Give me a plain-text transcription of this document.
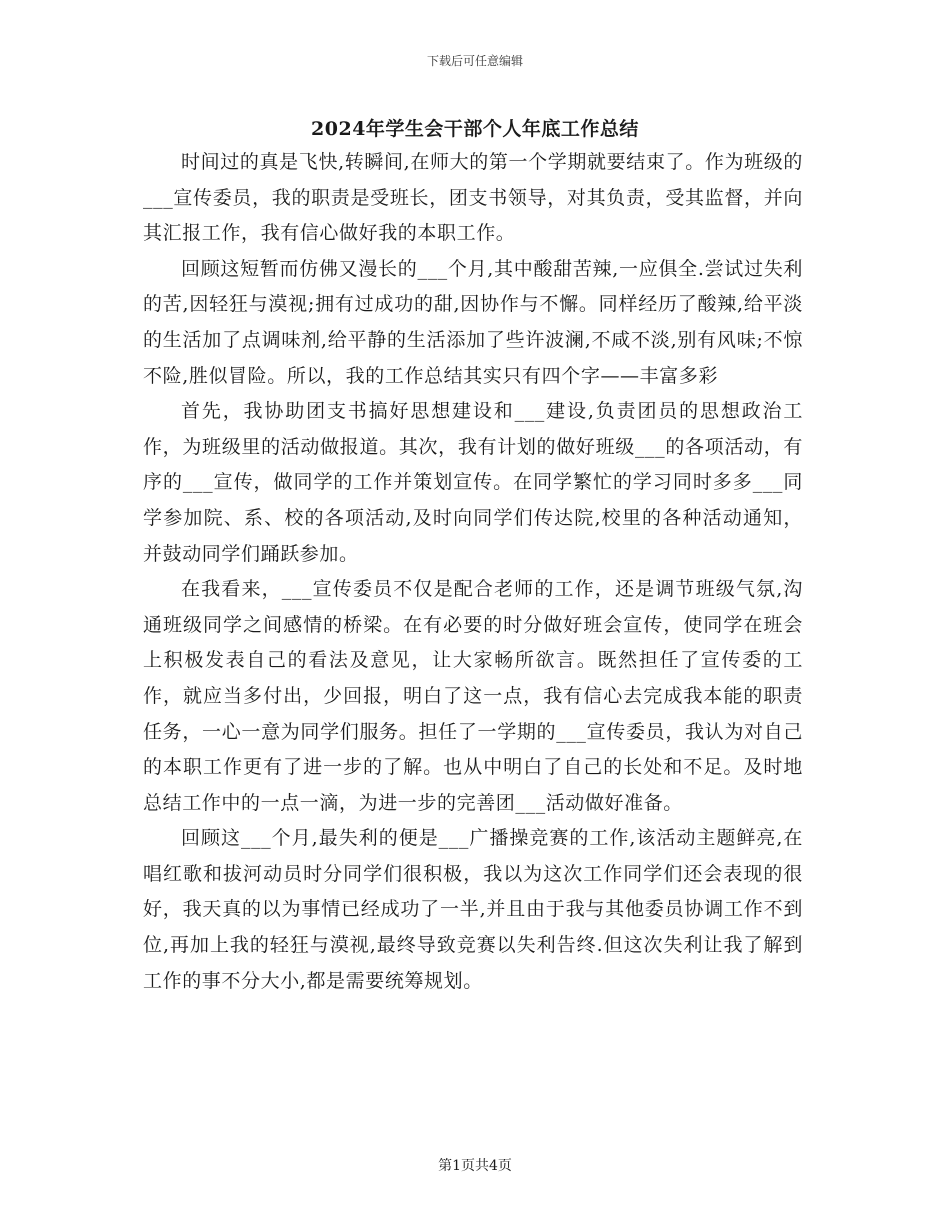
下载后可任意编辑
2024年学生会干部个人年底工作总结

时间过的真是飞快,转瞬间,在师大的第一个学期就要结束了。作为班级的___宣传委员，我的职责是受班长，团支书领导，对其负责，受其监督，并向其汇报工作，我有信心做好我的本职工作。

回顾这短暂而仿佛又漫长的___个月,其中酸甜苦辣,一应俱全.尝试过失利的苦,因轻狂与漠视;拥有过成功的甜,因协作与不懈。同样经历了酸辣,给平淡的生活加了点调味剂,给平静的生活添加了些许波澜,不咸不淡,别有风味;不惊不险,胜似冒险。所以，我的工作总结其实只有四个字——丰富多彩

首先，我协助团支书搞好思想建设和___建设,负责团员的思想政治工作，为班级里的活动做报道。其次，我有计划的做好班级___的各项活动，有序的___宣传，做同学的工作并策划宣传。在同学繁忙的学习同时多多___同学参加院、系、校的各项活动,及时向同学们传达院,校里的各种活动通知，并鼓动同学们踊跃参加。

在我看来，___宣传委员不仅是配合老师的工作，还是调节班级气氛,沟通班级同学之间感情的桥梁。在有必要的时分做好班会宣传，使同学在班会上积极发表自己的看法及意见，让大家畅所欲言。既然担任了宣传委的工作，就应当多付出，少回报，明白了这一点，我有信心去完成我本能的职责任务，一心一意为同学们服务。担任了一学期的___宣传委员，我认为对自己的本职工作更有了进一步的了解。也从中明白了自己的长处和不足。及时地总结工作中的一点一滴，为进一步的完善团___活动做好准备。

回顾这___个月,最失利的便是___广播操竞赛的工作,该活动主题鲜亮,在唱红歌和拔河动员时分同学们很积极，我以为这次工作同学们还会表现的很好，我天真的以为事情已经成功了一半,并且由于我与其他委员协调工作不到位,再加上我的轻狂与漠视,最终导致竞赛以失利告终.但这次失利让我了解到工作的事不分大小,都是需要统筹规划。

第1页共4页
